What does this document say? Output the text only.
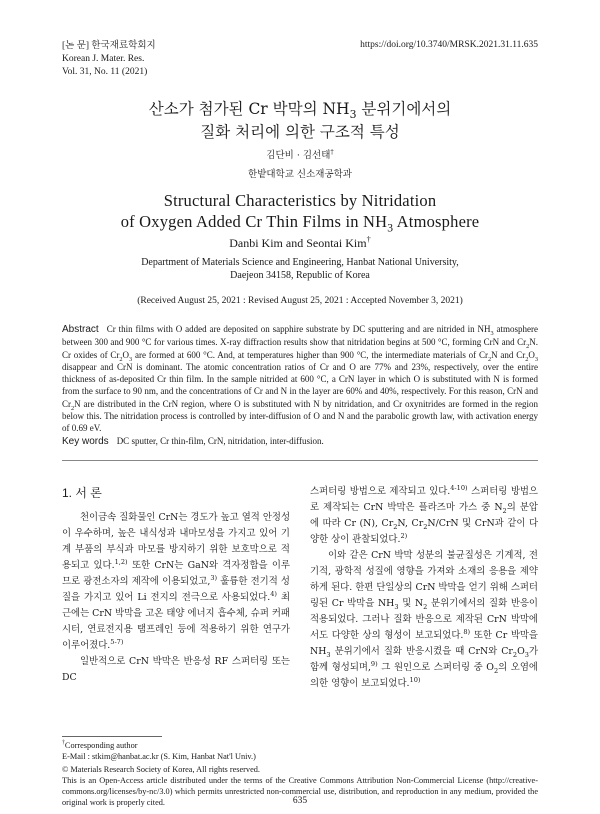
[논 문] 한국재료학회지
Korean J. Mater. Res.
Vol. 31, No. 11 (2021)
https://doi.org/10.3740/MRSK.2021.31.11.635
산소가 첨가된 Cr 박막의 $NH_3$ 분위기에서의
질화 처리에 의한 구조적 특성
김단비 · 김선태†
한밭대학교 신소재공학과
Structural Characteristics by Nitridation
of Oxygen Added Cr Thin Films in $NH_3$ Atmosphere
Danbi Kim and Seontai Kim†
Department of Materials Science and Engineering, Hanbat National University,
Daejeon 34158, Republic of Korea
(Received August 25, 2021 : Revised August 25, 2021 : Accepted November 3, 2021)
Abstract Cr thin films with O added are deposited on sapphire substrate by DC sputtering and are nitrided in $NH_3$ atmosphere between 300 and 900 °C for various times. X-ray diffraction results show that nitridation begins at 500 °C, forming CrN and $Cr_2N$. Cr oxides of $Cr_2O_3$ are formed at 600 °C. And, at temperatures higher than 900 °C, the intermediate materials of $Cr_2N$ and $Cr_2O_3$ disappear and CrN is dominant. The atomic concentration ratios of Cr and O are 77% and 23%, respectively, over the entire thickness of as-deposited Cr thin film. In the sample nitrided at 600 °C, a CrN layer in which O is substituted with N is formed from the surface to 90 nm, and the concentrations of Cr and N in the layer are 60% and 40%, respectively. For this reason, CrN and $Cr_2N$ are distributed in the CrN region, where O is substituted with N by nitridation, and Cr oxynitrides are formed in the region below this. The nitridation process is controlled by inter-diffusion of O and N and the parabolic growth law, with activation energy of 0.69 eV.
Key words DC sputter, Cr thin-film, CrN, nitridation, inter-diffusion.
1. 서 론

천이금속 질화물인 CrN는 경도가 높고 열적 안정성이 우수하며, 높은 내식성과 내마모성을 가지고 있어 기계 부품의 부식과 마모를 방지하기 위한 보호막으로 적용되고 있다.$^{1,2)}$ 또한 CrN는 GaN와 격자정합을 이루므로 광전소자의 제작에 이용되었고,$^{3)}$ 훌륭한 전기적 성질을 가지고 있어 Li 전지의 전극으로 사용되었다.$^{4)}$ 최근에는 CrN 박막을 고온 태양 에너지 흡수체, 슈퍼 커패시터, 연료전지용 탬프레인 등에 적용하기 위한 연구가 이루어졌다.$^{5-7)}$

일반적으로 CrN 박막은 반응성 RF 스퍼터링 또는 DC

스퍼터링 방법으로 제작되고 있다.$^{4-10)}$ 스퍼터링 방법으로 제작되는 CrN 박막은 플라즈마 가스 중 $N_2$의 분압에 따라 Cr (N), $Cr_2N$, $Cr_2N$/CrN 및 CrN과 같이 다양한 상이 관찰되었다.$^{2)}$

이와 같은 CrN 박막 성분의 불균질성은 기계적, 전기적, 광학적 성질에 영향을 가져와 소재의 응용을 제약하게 된다. 한편 단일상의 CrN 박막을 얻기 위해 스퍼터링된 Cr 박막을 $NH_3$ 및 $N_2$ 분위기에서의 질화 반응이 적용되었다. 그러나 질화 반응으로 제작된 CrN 박막에서도 다양한 상의 형성이 보고되었다.$^{8)}$ 또한 Cr 박막을 $NH_3$ 분위기에서 질화 반응시켰을 때 CrN와 $Cr_2O_3$가 함께 형성되며,$^{9)}$ 그 원인으로 스퍼터링 중 $O_2$의 오염에 의한 영향이 보고되었다.$^{10)}$

†Corresponding author
E-Mail : stkim@hanbat.ac.kr (S. Kim, Hanbat Nat'l Univ.)
© Materials Research Society of Korea, All rights reserved.
This is an Open-Access article distributed under the terms of the Creative Commons Attribution Non-Commercial License (http://creative-commons.org/licenses/by-nc/3.0) which permits unrestricted non-commercial use, distribution, and reproduction in any medium, provided the original work is properly cited.	635
